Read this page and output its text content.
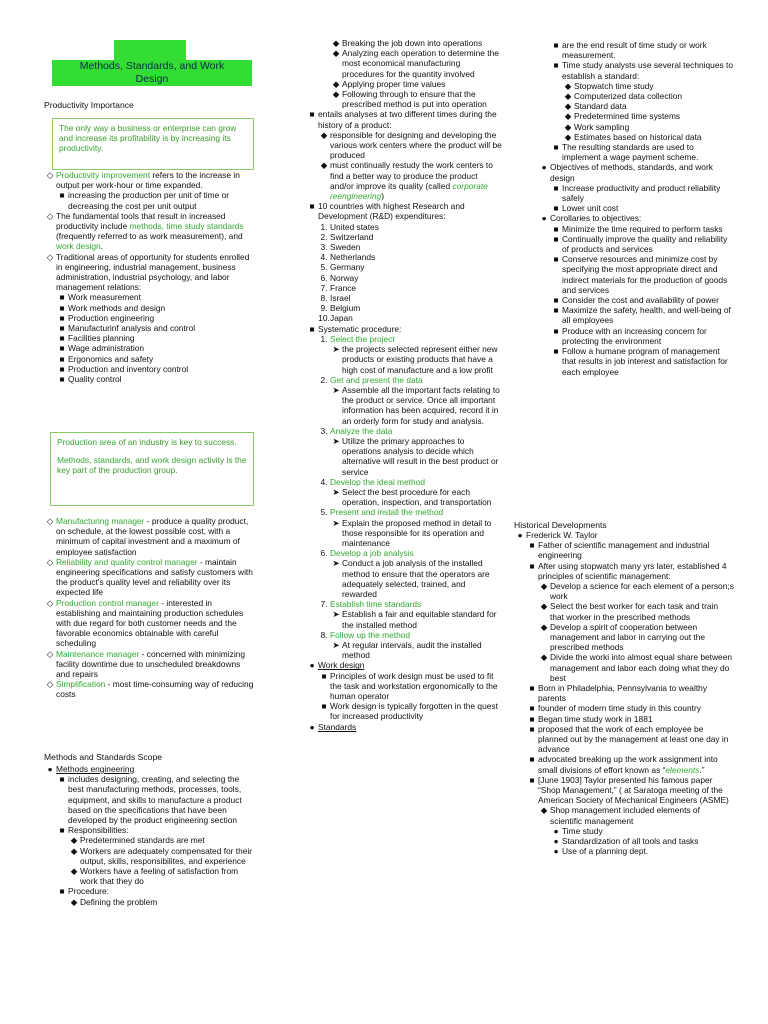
Methods, Standards, and Work
Design
Productivity Importance
The only way a business or enterprise can grow and increase its profitability is by increasing its productivity.
◇ Productivity improvement refers to the increase in output per work-hour or time expanded.
■ increasing the production per unit of time or decreasing the cost per unit output
◇ The fundamental tools that result in increased productivity include methods, time study standards (frequently referred to as work measurement), and work design.
◇ Traditional areas of opportunity for students enrolled in engineering, industrial management, business administration, industrial psychology, and labor management relations:
■ Work measurement
■ Work methods and design
■ Production engineering
■ Manufacturinf analysis and control
■ Facilities planning
■ Wage administration
■ Ergonomics and safety
■ Production and inventory control
■ Quality control
Production area of an industry is key to success.
Methods, standards, and work design activity is the key part of the production group.
◇ Manufacturing manager - produce a quality product, on schedule, at the lowest possible cost, with a minimum of capital investment and a maximum of employee satisfaction
◇ Reliability and quality control manager - maintain engineering specifications and satisfy customers with the product's quality level and reliability over its expected life
◇ Production control manager - interested in establishing and maintaining production schedules with due regard for both customer needs and the favorable economics obtainable with careful scheduling
◇ Maintenance manager - concerned with minimizing facility downtime due to unscheduled breakdowns and repairs
◇ Simplification - most time-consuming way of reducing costs
Methods and Standards Scope
● Methods engineering
■ includes designing, creating, and selecting the best manufacturing methods, processes, tools, equipment, and skills to manufacture a product based on the specifications that have been developed by the product engineering section
■ Responsibilities:
◆ Predetermined standards are met
◆ Workers are adequately compensated for their output, skills, responsibilites, and experience
◆ Workers have a feeling of satisfaction from work that they do
■ Procedure:
◆ Defining the problem
◆ Breaking the job down into operations
◆ Analyzing each operation to determine the most economical manufacturing procedures for the quantity involved
◆ Applying proper time values
◆ Following through to ensure that the prescribed method is put into operation
■ entails analyses at two different times during the history of a product:
◆ responsible for designing and developing the various work centers where the product will be produced
◆ must continually restudy the work centers to find a better way to produce the product and/or improve its quality (called corporate reengineering)
■ 10 countries with highest Research and Development (R&D) expenditures:
1. United states
2. Switzerland
3. Sweden
4. Netherlands
5. Germany
6. Norway
7. France
8. Israel
9. Belgium
10. Japan
■ Systematic procedure:
1. Select the project
➤ the projects selected represent either new products or existing products that have a high cost of manufacture and a low profit
2. Get and present the data
➤ Assemble all the important facts relating to the product or service. Once all important information has been acquired, record it in an orderly form for study and analysis.
3. Analyze the data
➤ Utilize the primary approaches to operations analysis to decide which alternative will result in the best product or service
4. Develop the ideal method
➤ Select the best procedure for each operation, inspection, and transportation
5. Present and install the method
➤ Explain the proposed method in detail to those responsible for its operation and maintenance
6. Develop a job analysis
➤ Conduct a job analysis of the installed method to ensure that the operators are adequately selected, trained, and rewarded
7. Establish time standards
➤ Establish a fair and equitable standard for the installed method
8. Follow up the method
➤ At regular intervals, audit the installed method
● Work design
■ Principles of work design must be used to fit the task and workstation ergonomically to the human operator
■ Work design is typically forgotten in the quest for increased productivity
● Standards
■ are the end result of time study or work measurement.
■ Time study analysts use several techniques to establish a standard:
◆ Stopwatch time study
◆ Computerized data collection
◆ Standard data
◆ Predetermined time systems
◆ Work sampling
◆ Estimates based on historical data
■ The resulting standards are used to implement a wage payment scheme.
● Objectives of methods, standards, and work design
■ Increase productivity and product reliability safely
■ Lower unit cost
● Corollaries to objectives:
■ Minimize the time required to perform tasks
■ Continually improve the quality and reliability of products and services
■ Conserve resources and minimize cost by specifying the most appropriate direct and indirect materials for the production of goods and services
■ Consider the cost and availability of power
■ Maximize the safety, health, and well-being of all employees
■ Produce with an increasing concern for protecting the environment
■ Follow a humane program of management that results in job interest and satisfaction for each employee
Historical Developments
● Frederick W. Taylor
■ Father of scientific management and industrial engineering
■ After using stopwatch many yrs later, established 4 principles of scientific management:
◆ Develop a science for each element of a person;s work
◆ Select the best worker for each task and train that worker in the prescribed methods
◆ Develop a spirit of cooperation between management and labor in carrying out the prescribed methods
◆ Divide the worki into almost equal share between management and labor each doing what they do best
■ Born in Philadelphia, Pennsylvania to wealthy parents
■ founder of modern time study in this country
■ Began time study work in 1881
■ proposed that the work of each employee be planned out by the management at least one day in advance
■ advocated breaking up the work assignment into small divisions of effort known as “elements.”
■ [June 1903] Taylor presented his famous paper “Shop Management,” ( at Saratoga meeting of the American Society of Mechanical Engineers (ASME)
◆ Shop management included elements of scientific management
● Time study
● Standardization of all tools and tasks
● Use of a planning dept.
